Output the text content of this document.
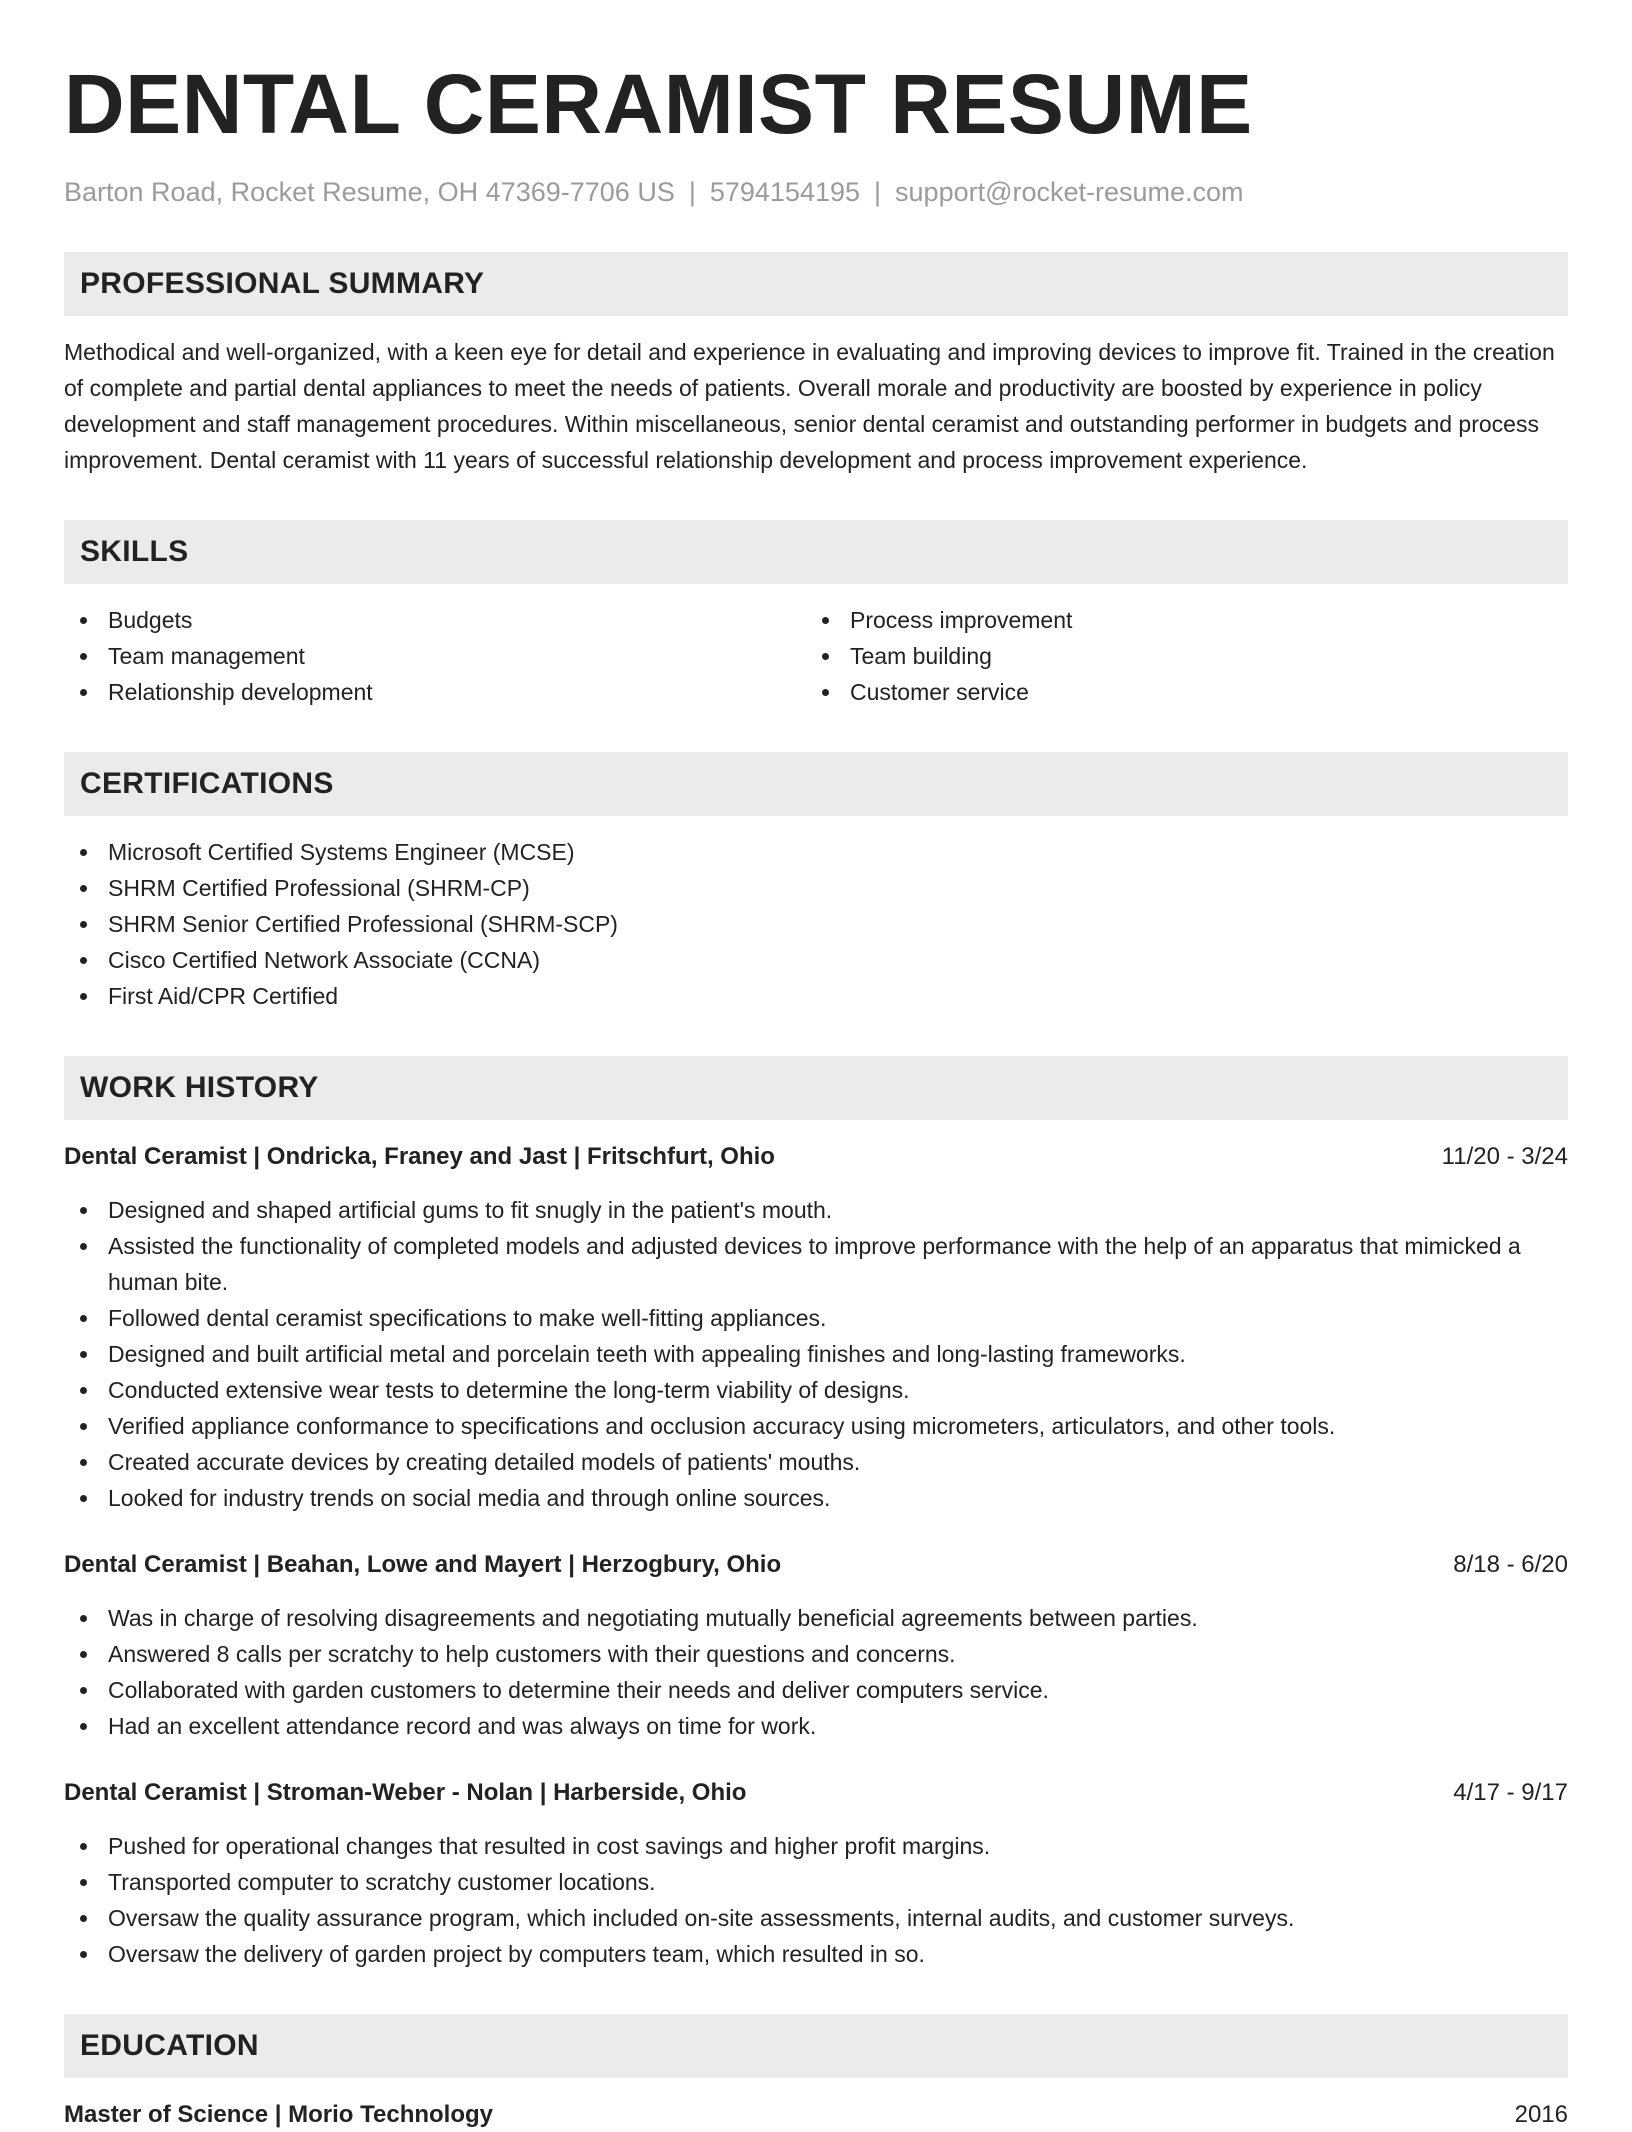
DENTAL CERAMIST RESUME
Barton Road, Rocket Resume, OH 47369-7706 US | 5794154195 | support@rocket-resume.com
PROFESSIONAL SUMMARY

Methodical and well-organized, with a keen eye for detail and experience in evaluating and improving devices to improve fit. Trained in the creation of complete and partial dental appliances to meet the needs of patients. Overall morale and productivity are boosted by experience in policy development and staff management procedures. Within miscellaneous, senior dental ceramist and outstanding performer in budgets and process improvement. Dental ceramist with 11 years of successful relationship development and process improvement experience.

SKILLS
Budgets
Team management
Relationship development
Process improvement
Team building
Customer service
CERTIFICATIONS
Microsoft Certified Systems Engineer (MCSE)
SHRM Certified Professional (SHRM-CP)
SHRM Senior Certified Professional (SHRM-SCP)
Cisco Certified Network Associate (CCNA)
First Aid/CPR Certified
WORK HISTORY
Dental Ceramist | Ondricka, Franey and Jast | Fritschfurt, Ohio	11/20 - 3/24
Designed and shaped artificial gums to fit snugly in the patient's mouth.
Assisted the functionality of completed models and adjusted devices to improve performance with the help of an apparatus that mimicked a human bite.
Followed dental ceramist specifications to make well-fitting appliances.
Designed and built artificial metal and porcelain teeth with appealing finishes and long-lasting frameworks.
Conducted extensive wear tests to determine the long-term viability of designs.
Verified appliance conformance to specifications and occlusion accuracy using micrometers, articulators, and other tools.
Created accurate devices by creating detailed models of patients' mouths.
Looked for industry trends on social media and through online sources.
Dental Ceramist | Beahan, Lowe and Mayert | Herzogbury, Ohio	8/18 - 6/20
Was in charge of resolving disagreements and negotiating mutually beneficial agreements between parties.
Answered 8 calls per scratchy to help customers with their questions and concerns.
Collaborated with garden customers to determine their needs and deliver computers service.
Had an excellent attendance record and was always on time for work.
Dental Ceramist | Stroman-Weber - Nolan | Harberside, Ohio	4/17 - 9/17
Pushed for operational changes that resulted in cost savings and higher profit margins.
Transported computer to scratchy customer locations.
Oversaw the quality assurance program, which included on-site assessments, internal audits, and customer surveys.
Oversaw the delivery of garden project by computers team, which resulted in so.
EDUCATION
Master of Science | Morio Technology	2016
